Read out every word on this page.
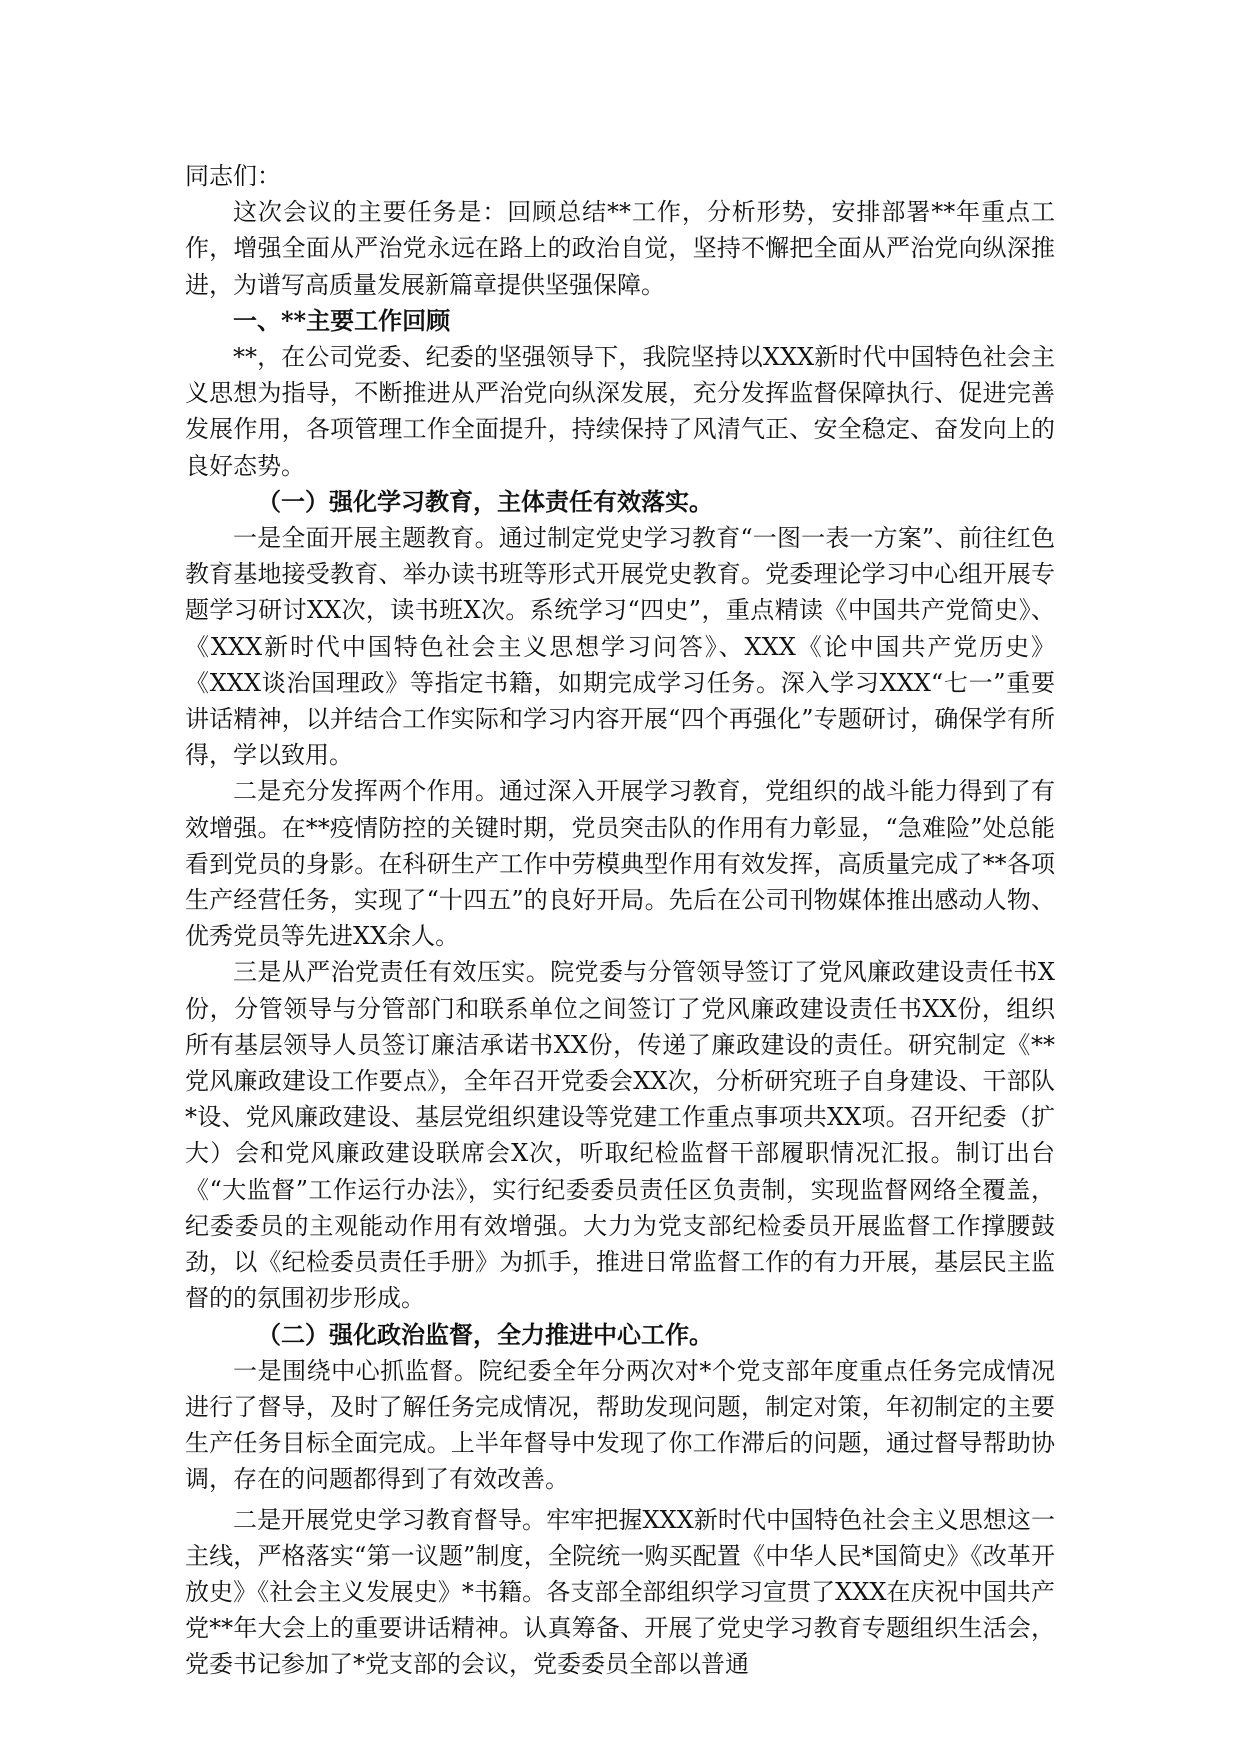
同志们：

这次会议的主要任务是：回顾总结**工作，分析形势，安排部署**年重点工作，增强全面从严治党永远在路上的政治自觉，坚持不懈把全面从严治党向纵深推进，为谱写高质量发展新篇章提供坚强保障。

一、**主要工作回顾

**，在公司党委、纪委的坚强领导下，我院坚持以XXX新时代中国特色社会主义思想为指导，不断推进从严治党向纵深发展，充分发挥监督保障执行、促进完善发展作用，各项管理工作全面提升，持续保持了风清气正、安全稳定、奋发向上的良好态势。

（一）强化学习教育，主体责任有效落实。

一是全面开展主题教育。通过制定党史学习教育“一图一表一方案”、前往红色教育基地接受教育、举办读书班等形式开展党史教育。党委理论学习中心组开展专题学习研讨XX次，读书班X次。系统学习“四史”，重点精读《中国共产党简史》、《XXX新时代中国特色社会主义思想学习问答》、XXX《论中国共产党历史》《XXX谈治国理政》等指定书籍，如期完成学习任务。深入学习XXX“七一”重要讲话精神，以并结合工作实际和学习内容开展“四个再强化”专题研讨，确保学有所得，学以致用。

二是充分发挥两个作用。通过深入开展学习教育，党组织的战斗能力得到了有效增强。在**疫情防控的关键时期，党员突击队的作用有力彰显，“急难险”处总能看到党员的身影。在科研生产工作中劳模典型作用有效发挥，高质量完成了**各项生产经营任务，实现了“十四五”的良好开局。先后在公司刊物媒体推出感动人物、优秀党员等先进XX余人。

三是从严治党责任有效压实。院党委与分管领导签订了党风廉政建设责任书X份，分管领导与分管部门和联系单位之间签订了党风廉政建设责任书XX份，组织所有基层领导人员签订廉洁承诺书XX份，传递了廉政建设的责任。研究制定《**党风廉政建设工作要点》，全年召开党委会XX次，分析研究班子自身建设、干部队*设、党风廉政建设、基层党组织建设等党建工作重点事项共XX项。召开纪委（扩大）会和党风廉政建设联席会X次，听取纪检监督干部履职情况汇报。制订出台《“大监督”工作运行办法》，实行纪委委员责任区负责制，实现监督网络全覆盖，纪委委员的主观能动作用有效增强。大力为党支部纪检委员开展监督工作撑腰鼓劲，以《纪检委员责任手册》为抓手，推进日常监督工作的有力开展，基层民主监督的的氛围初步形成。

（二）强化政治监督，全力推进中心工作。

一是围绕中心抓监督。院纪委全年分两次对*个党支部年度重点任务完成情况进行了督导，及时了解任务完成情况，帮助发现问题，制定对策，年初制定的主要生产任务目标全面完成。上半年督导中发现了你工作滞后的问题，通过督导帮助协调，存在的问题都得到了有效改善。

二是开展党史学习教育督导。牢牢把握XXX新时代中国特色社会主义思想这一主线，严格落实“第一议题”制度，全院统一购买配置《中华人民*国简史》《改革开放史》《社会主义发展史》*书籍。各支部全部组织学习宣贯了XXX在庆祝中国共产党**年大会上的重要讲话精神。认真筹备、开展了党史学习教育专题组织生活会，党委书记参加了*党支部的会议，党委委员全部以普通
